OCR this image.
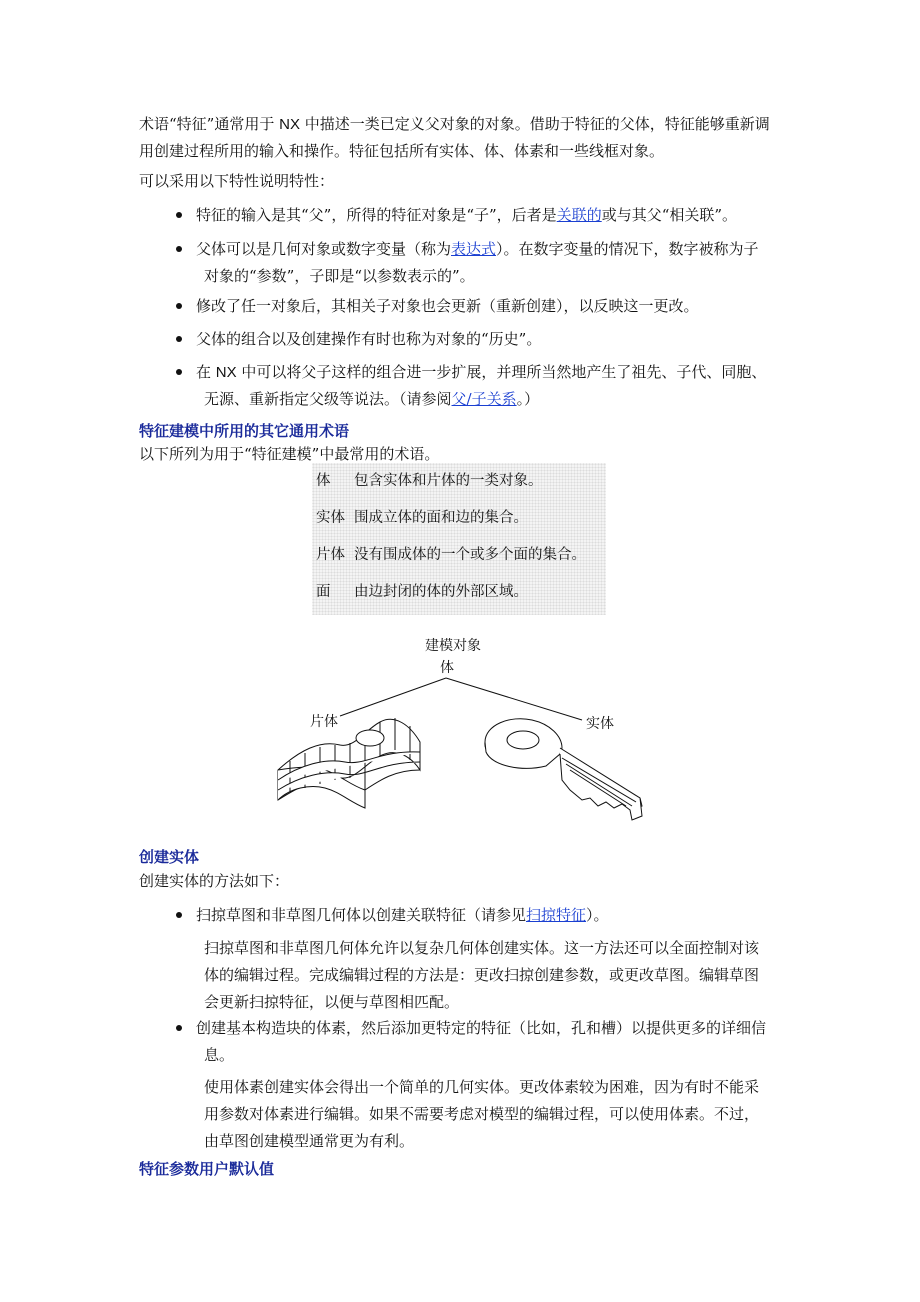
术语“特征”通常用于 NX 中描述一类已定义父对象的对象。借助于特征的父体，特征能够重新调
用创建过程所用的输入和操作。特征包括所有实体、体、体素和一些线框对象。

可以采用以下特性说明特性：

特征的输入是其“父”，所得的特征对象是“子”，后者是关联的或与其父“相关联”。
父体可以是几何对象或数字变量（称为表达式）。在数字变量的情况下，数字被称为子
对象的“参数”，子即是“以参数表示的”。
修改了任一对象后，其相关子对象也会更新（重新创建），以反映这一更改。
父体的组合以及创建操作有时也称为对象的“历史”。
在 NX 中可以将父子这样的组合进一步扩展，并理所当然地产生了祖先、子代、同胞、
无源、重新指定父级等说法。（请参阅父/子关系。）
特征建模中所用的其它通用术语
以下所列为用于“特征建模”中最常用的术语。
体 包含实体和片体的一类对象。
实体 围成立体的面和边的集合。
片体 没有围成体的一个或多个面的集合。
面 由边封闭的体的外部区域。
建模对象
体
片体	实体
创建实体
创建实体的方法如下：
扫掠草图和非草图几何体以创建关联特征（请参见扫掠特征）。
扫掠草图和非草图几何体允许以复杂几何体创建实体。这一方法还可以全面控制对该
体的编辑过程。完成编辑过程的方法是：更改扫掠创建参数，或更改草图。编辑草图
会更新扫掠特征，以便与草图相匹配。
创建基本构造块的体素，然后添加更特定的特征（比如，孔和槽）以提供更多的详细信
息。
使用体素创建实体会得出一个简单的几何实体。更改体素较为困难，因为有时不能采
用参数对体素进行编辑。如果不需要考虑对模型的编辑过程，可以使用体素。不过，
由草图创建模型通常更为有利。
特征参数用户默认值
